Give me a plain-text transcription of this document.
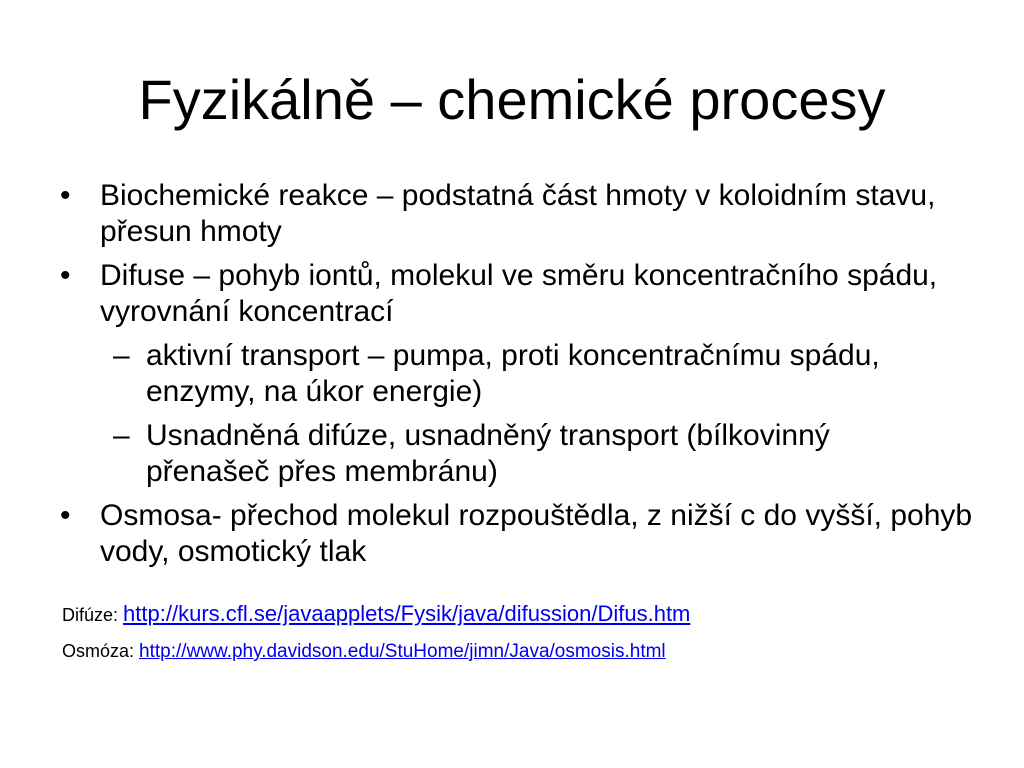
Fyzikálně – chemické procesy

• Biochemické reakce – podstatná část hmoty v koloidním stavu, přesun hmoty

• Difuse – pohyb iontů, molekul ve směru koncentračního spádu, vyrovnání koncentrací

– aktivní transport – pumpa, proti koncentračnímu spádu, enzymy, na úkor energie)

– Usnadněná difúze, usnadněný transport (bílkovinný přenašeč přes membránu)

• Osmosa- přechod molekul rozpouštědla, z nižší c do vyšší, pohyb vody, osmotický tlak

Difúze: http://kurs.cfl.se/javaapplets/Fysik/java/difussion/Difus.htm
Osmóza: http://www.phy.davidson.edu/StuHome/jimn/Java/osmosis.html
